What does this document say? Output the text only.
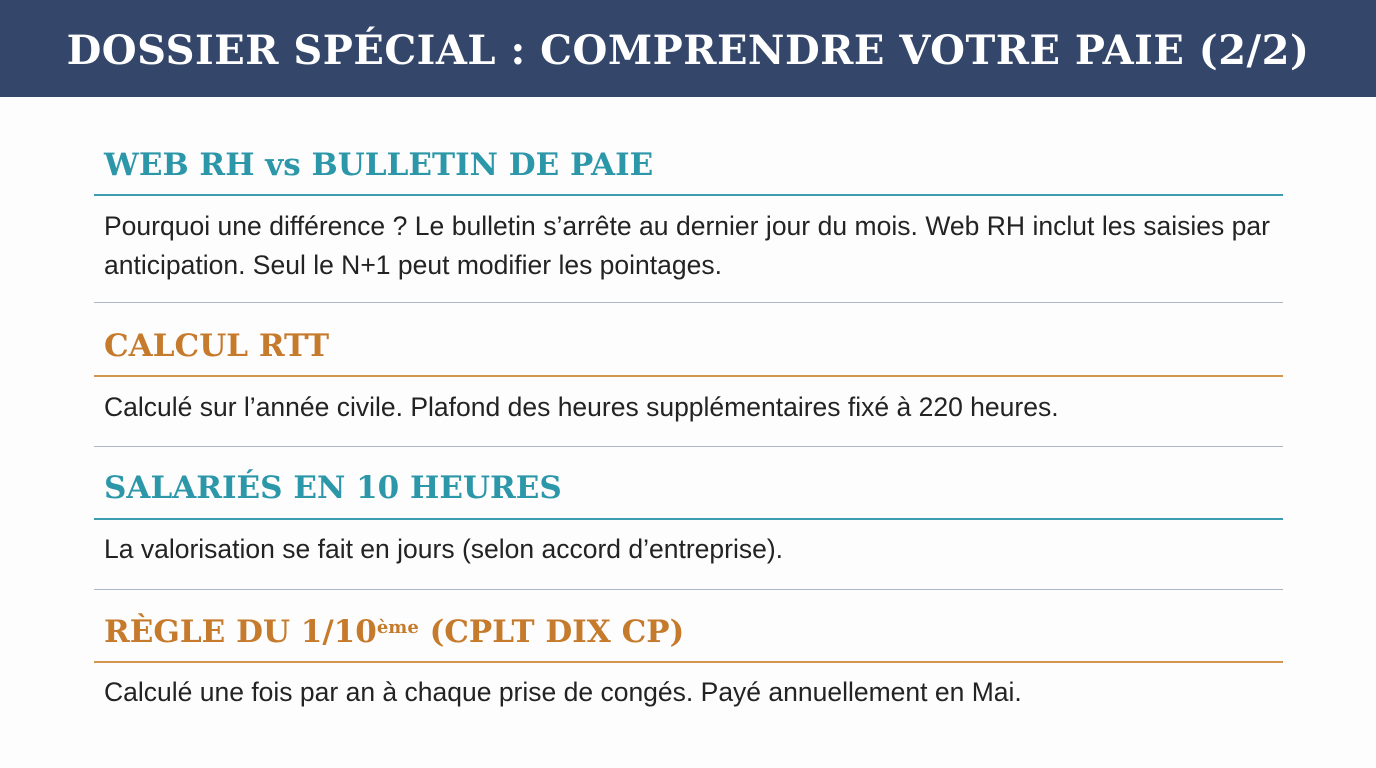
DOSSIER SPÉCIAL : COMPRENDRE VOTRE PAIE (2/2)
WEB RH vs BULLETIN DE PAIE
Pourquoi une différence ? Le bulletin s’arrête au dernier jour du mois. Web RH inclut les saisies par anticipation. Seul le N+1 peut modifier les pointages.
CALCUL RTT
Calculé sur l’année civile. Plafond des heures supplémentaires fixé à 220 heures.
SALARIÉS EN 10 HEURES
La valorisation se fait en jours (selon accord d’entreprise).
RÈGLE DU 1/10ème (CPLT DIX CP)
Calculé une fois par an à chaque prise de congés. Payé annuellement en Mai.
